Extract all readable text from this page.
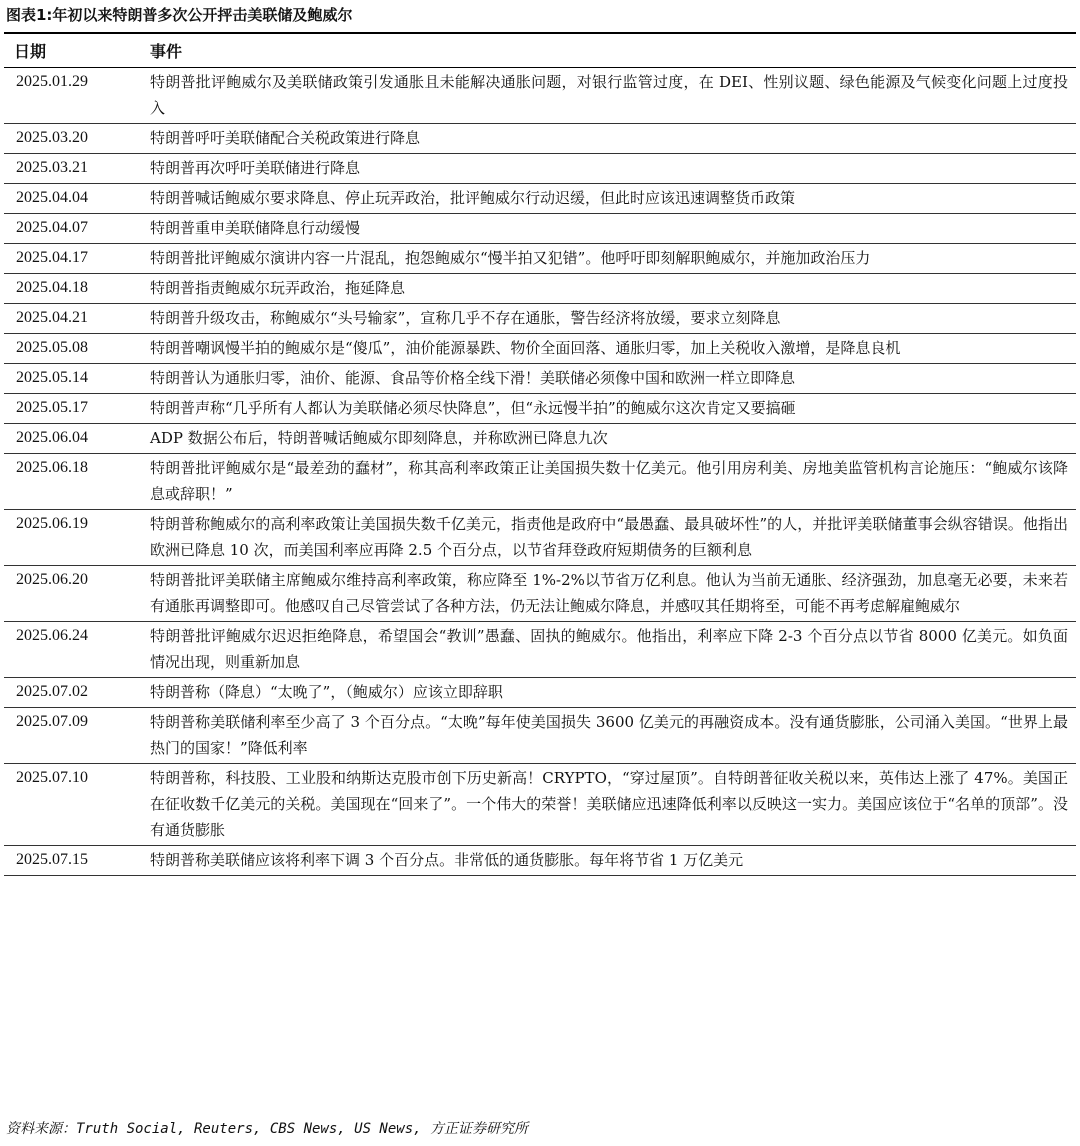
图表1:年初以来特朗普多次公开抨击美联储及鲍威尔
日期	事件
2025.01.29	特朗普批评鲍威尔及美联储政策引发通胀且未能解决通胀问题，对银行监管过度，在 DEI、性别议题、绿色能源及气候变化问题上过度投入
2025.03.20	特朗普呼吁美联储配合关税政策进行降息
2025.03.21	特朗普再次呼吁美联储进行降息
2025.04.04	特朗普喊话鲍威尔要求降息、停止玩弄政治，批评鲍威尔行动迟缓，但此时应该迅速调整货币政策
2025.04.07	特朗普重申美联储降息行动缓慢
2025.04.17	特朗普批评鲍威尔演讲内容一片混乱，抱怨鲍威尔“慢半拍又犯错”。他呼吁即刻解职鲍威尔，并施加政治压力
2025.04.18	特朗普指责鲍威尔玩弄政治，拖延降息
2025.04.21	特朗普升级攻击，称鲍威尔“头号输家”，宣称几乎不存在通胀，警告经济将放缓，要求立刻降息
2025.05.08	特朗普嘲讽慢半拍的鲍威尔是“傻瓜”，油价能源暴跌、物价全面回落、通胀归零，加上关税收入激增，是降息良机
2025.05.14	特朗普认为通胀归零，油价、能源、食品等价格全线下滑！美联储必须像中国和欧洲一样立即降息
2025.05.17	特朗普声称“几乎所有人都认为美联储必须尽快降息”，但“永远慢半拍”的鲍威尔这次肯定又要搞砸
2025.06.04	ADP 数据公布后，特朗普喊话鲍威尔即刻降息，并称欧洲已降息九次
2025.06.18	特朗普批评鲍威尔是“最差劲的蠢材”，称其高利率政策正让美国损失数十亿美元。他引用房利美、房地美监管机构言论施压：“鲍威尔该降息或辞职！”
2025.06.19	特朗普称鲍威尔的高利率政策让美国损失数千亿美元，指责他是政府中“最愚蠢、最具破坏性”的人，并批评美联储董事会纵容错误。他指出欧洲已降息 10 次，而美国利率应再降 2.5 个百分点，以节省拜登政府短期债务的巨额利息
2025.06.20	特朗普批评美联储主席鲍威尔维持高利率政策，称应降至 1%-2%以节省万亿利息。他认为当前无通胀、经济强劲，加息毫无必要，未来若有通胀再调整即可。他感叹自己尽管尝试了各种方法，仍无法让鲍威尔降息，并感叹其任期将至，可能不再考虑解雇鲍威尔
2025.06.24	特朗普批评鲍威尔迟迟拒绝降息，希望国会“教训”愚蠢、固执的鲍威尔。他指出，利率应下降 2-3 个百分点以节省 8000 亿美元。如负面情况出现，则重新加息
2025.07.02	特朗普称（降息）“太晚了”，（鲍威尔）应该立即辞职
2025.07.09	特朗普称美联储利率至少高了 3 个百分点。“太晚”每年使美国损失 3600 亿美元的再融资成本。没有通货膨胀，公司涌入美国。“世界上最热门的国家！”降低利率
2025.07.10	特朗普称，科技股、工业股和纳斯达克股市创下历史新高！CRYPTO，“穿过屋顶”。自特朗普征收关税以来，英伟达上涨了 47%。美国正在征收数千亿美元的关税。美国现在“回来了”。一个伟大的荣誉！美联储应迅速降低利率以反映这一实力。美国应该位于“名单的顶部”。没有通货膨胀
2025.07.15	特朗普称美联储应该将利率下调 3 个百分点。非常低的通货膨胀。每年将节省 1 万亿美元
资料来源：Truth Social, Reuters, CBS News, US News, 方正证券研究所
